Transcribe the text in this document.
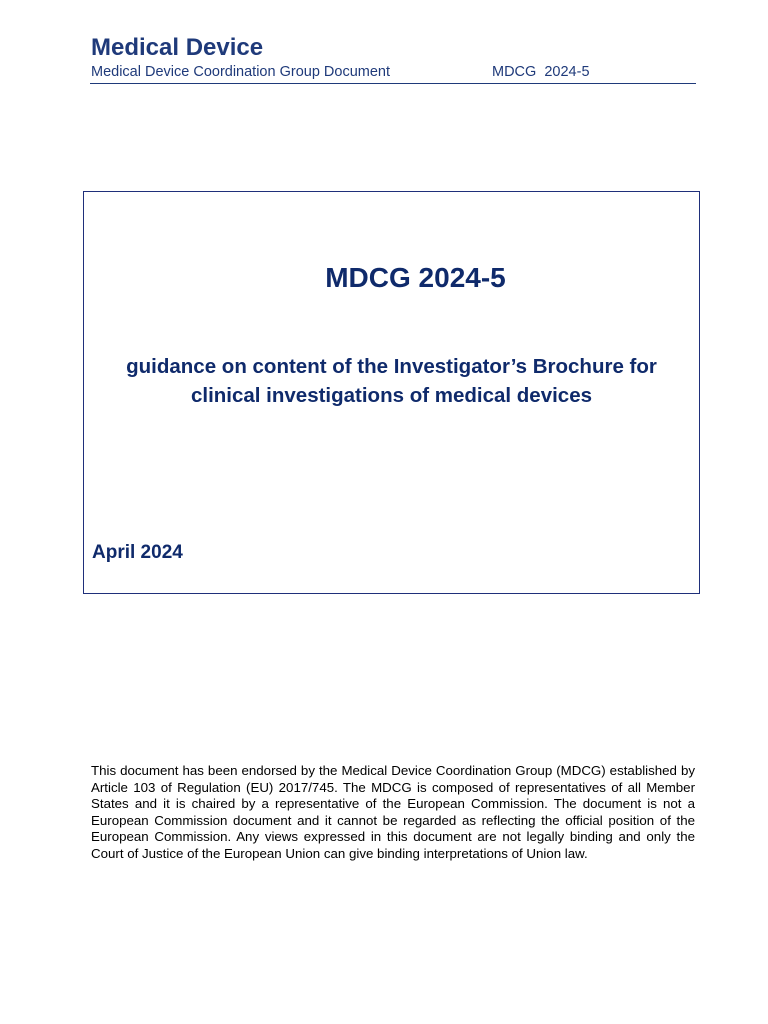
Medical Device
Medical Device Coordination Group Document	MDCG  2024-5
MDCG 2024-5
guidance on content of the Investigator’s Brochure for
clinical investigations of medical devices
April 2024
This document has been endorsed by the Medical Device Coordination Group (MDCG) established by Article 103 of Regulation (EU) 2017/745. The MDCG is composed of representatives of all Member States and it is chaired by a representative of the European Commission. The document is not a European Commission document and it cannot be regarded as reflecting the official position of the European Commission. Any views expressed in this document are not legally binding and only the Court of Justice of the European Union can give binding interpretations of Union law.
